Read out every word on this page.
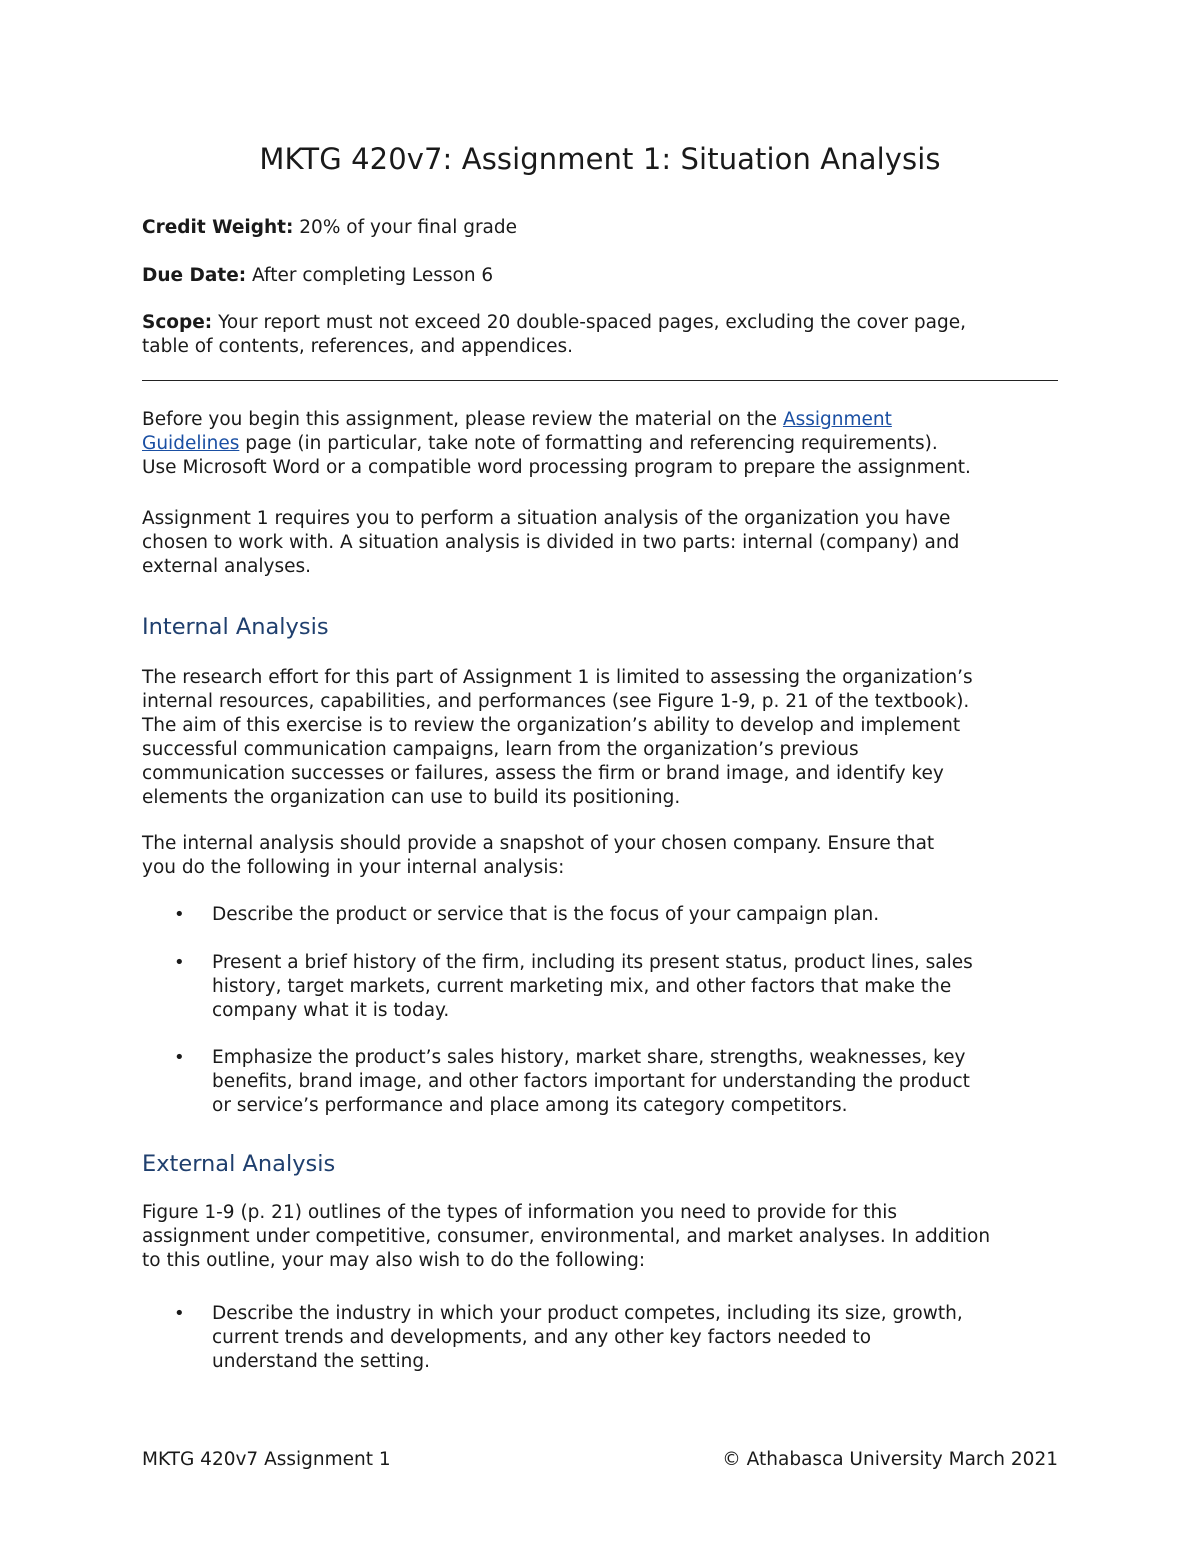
MKTG 420v7: Assignment 1: Situation Analysis

Credit Weight: 20% of your final grade

Due Date: After completing Lesson 6

Scope: Your report must not exceed 20 double-spaced pages, excluding the cover page,
table of contents, references, and appendices.

Before you begin this assignment, please review the material on the Assignment
Guidelines page (in particular, take note of formatting and referencing requirements).
Use Microsoft Word or a compatible word processing program to prepare the assignment.

Assignment 1 requires you to perform a situation analysis of the organization you have
chosen to work with. A situation analysis is divided in two parts: internal (company) and
external analyses.

Internal Analysis

The research effort for this part of Assignment 1 is limited to assessing the organization’s
internal resources, capabilities, and performances (see Figure 1-9, p. 21 of the textbook).
The aim of this exercise is to review the organization’s ability to develop and implement
successful communication campaigns, learn from the organization’s previous
communication successes or failures, assess the firm or brand image, and identify key
elements the organization can use to build its positioning.

The internal analysis should provide a snapshot of your chosen company. Ensure that
you do the following in your internal analysis:

• Describe the product or service that is the focus of your campaign plan.

• Present a brief history of the firm, including its present status, product lines, sales
history, target markets, current marketing mix, and other factors that make the
company what it is today.

• Emphasize the product’s sales history, market share, strengths, weaknesses, key
benefits, brand image, and other factors important for understanding the product
or service’s performance and place among its category competitors.

External Analysis

Figure 1-9 (p. 21) outlines of the types of information you need to provide for this
assignment under competitive, consumer, environmental, and market analyses. In addition
to this outline, your may also wish to do the following:

• Describe the industry in which your product competes, including its size, growth,
current trends and developments, and any other key factors needed to
understand the setting.

MKTG 420v7 Assignment 1	© Athabasca University March 2021
